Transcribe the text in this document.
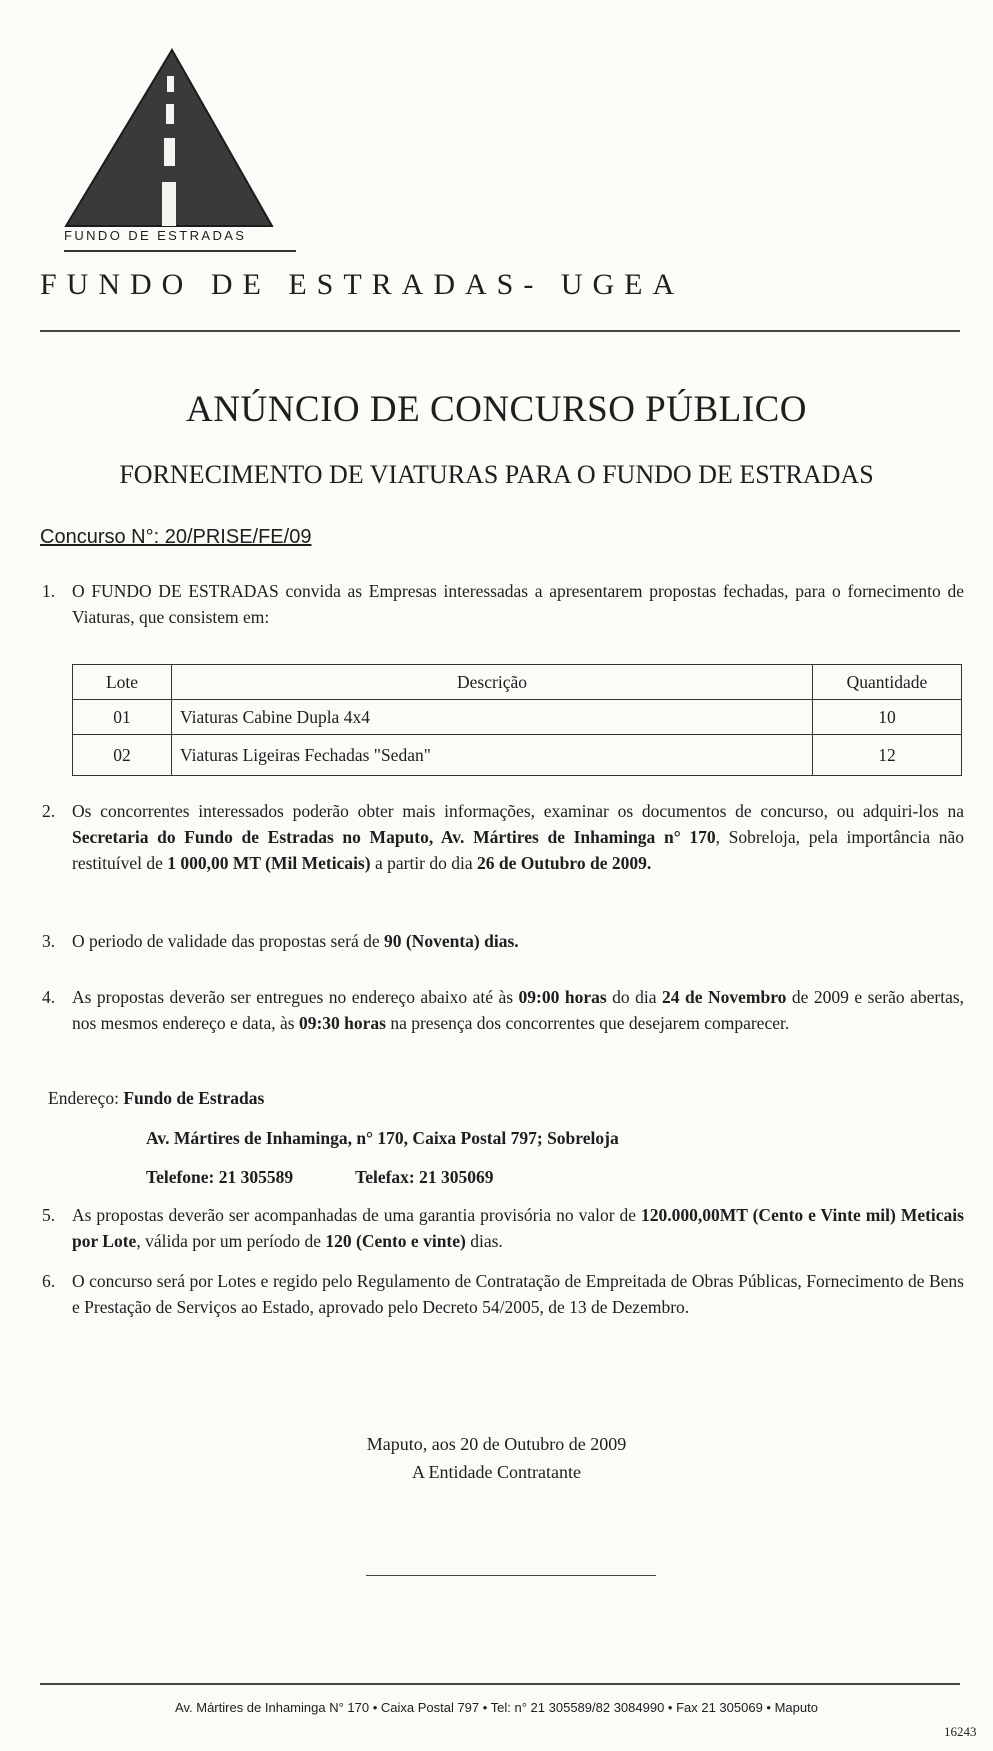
FUNDO DE ESTRADAS
FUNDO DE ESTRADAS- UGEA
ANÚNCIO DE CONCURSO PÚBLICO
FORNECIMENTO DE VIATURAS PARA O FUNDO DE ESTRADAS
Concurso N°: 20/PRISE/FE/09
1. O FUNDO DE ESTRADAS convida as Empresas interessadas a apresentarem propostas fechadas, para o fornecimento de Viaturas, que consistem em:
Lote	Descrição	Quantidade
01	Viaturas Cabine Dupla 4x4	10
02	Viaturas Ligeiras Fechadas "Sedan"	12
2. Os concorrentes interessados poderão obter mais informações, examinar os documentos de concurso, ou adquiri-los na Secretaria do Fundo de Estradas no Maputo, Av. Mártires de Inhaminga n° 170, Sobreloja, pela importância não restituível de 1 000,00 MT (Mil Meticais) a partir do dia 26 de Outubro de 2009.
3. O periodo de validade das propostas será de 90 (Noventa) dias.
4. As propostas deverão ser entregues no endereço abaixo até às 09:00 horas do dia 24 de Novembro de 2009 e serão abertas, nos mesmos endereço e data, às 09:30 horas na presença dos concorrentes que desejarem comparecer.
Endereço: Fundo de Estradas
Av. Mártires de Inhaminga, n° 170, Caixa Postal 797; Sobreloja
Telefone: 21 305589	Telefax: 21 305069
5. As propostas deverão ser acompanhadas de uma garantia provisória no valor de 120.000,00MT (Cento e Vinte mil) Meticais por Lote, válida por um período de 120 (Cento e vinte) dias.
6. O concurso será por Lotes e regido pelo Regulamento de Contratação de Empreitada de Obras Públicas, Fornecimento de Bens e Prestação de Serviços ao Estado, aprovado pelo Decreto 54/2005, de 13 de Dezembro.
Maputo, aos 20 de Outubro de 2009
A Entidade Contratante
Av. Mártires de Inhaminga N° 170 • Caixa Postal 797 • Tel: n° 21 305589/82 3084990 • Fax 21 305069 • Maputo
16243
